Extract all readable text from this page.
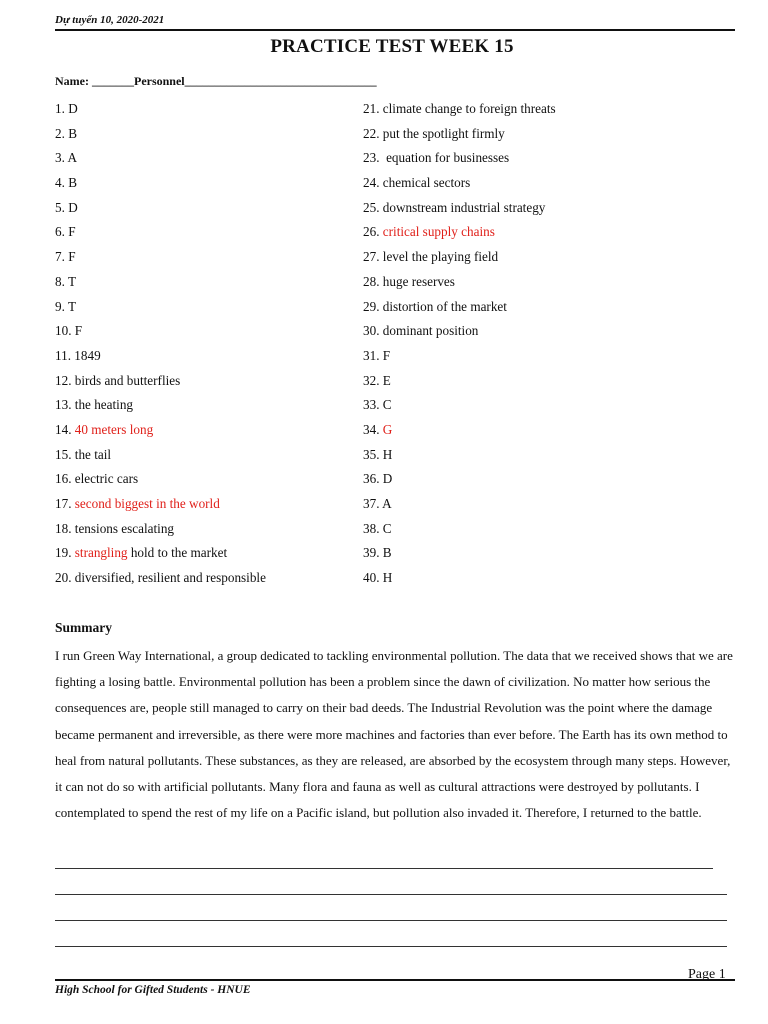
Dự tuyển 10, 2020-2021
PRACTICE TEST WEEK 15
Name: _______Personnel________________________________
1. D
2. B
3. A
4. B
5. D
6. F
7. F
8. T
9. T
10. F
11. 1849
12. birds and butterflies
13. the heating
14. 40 meters long
15. the tail
16. electric cars
17. second biggest in the world
18. tensions escalating
19. strangling hold to the market
20. diversified, resilient and responsible
21. climate change to foreign threats
22. put the spotlight firmly
23.  equation for businesses
24. chemical sectors
25. downstream industrial strategy
26. critical supply chains
27. level the playing field
28. huge reserves
29. distortion of the market
30. dominant position
31. F
32. E
33. C
34. G
35. H
36. D
37. A
38. C
39. B
40. H
Summary
I run Green Way International, a group dedicated to tackling environmental pollution. The data that we received shows that we are fighting a losing battle. Environmental pollution has been a problem since the dawn of civilization. No matter how serious the consequences are, people still managed to carry on their bad deeds. The Industrial Revolution was the point where the damage became permanent and irreversible, as there were more machines and factories than ever before. The Earth has its own method to heal from natural pollutants. These substances, as they are released, are absorbed by the ecosystem through many steps. However, it can not do so with artificial pollutants. Many flora and fauna as well as cultural attractions were destroyed by pollutants. I contemplated to spend the rest of my life on a Pacific island, but pollution also invaded it. Therefore, I returned to the battle.
Page 1
High School for Gifted Students - HNUE
